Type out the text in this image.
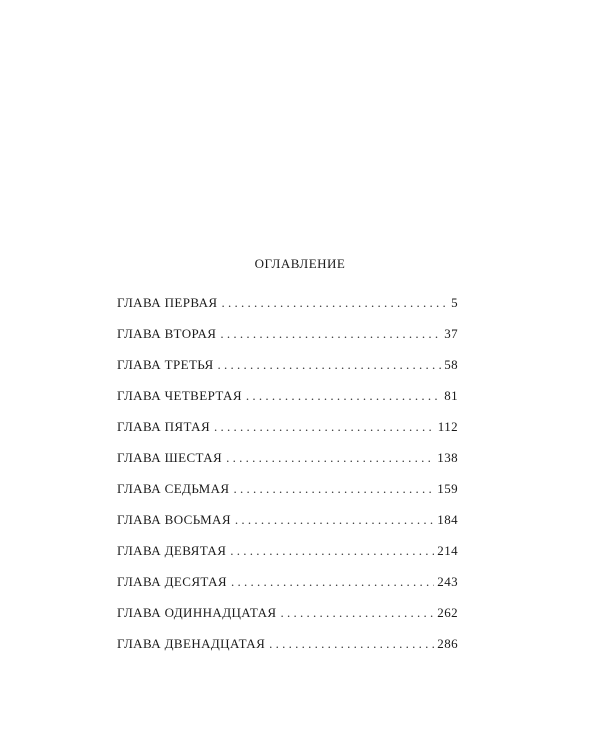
оглавление
ГЛАВА ПЕРВАЯ . . .	5
ГЛАВА ВТОРАЯ . . .	37
ГЛАВА ТРЕТЬЯ . . .	58
ГЛАВА ЧЕТВЕРТАЯ . . .	81
ГЛАВА ПЯТАЯ . . .	112
ГЛАВА ШЕСТАЯ . . .	138
ГЛАВА СЕДЬМАЯ . . .	159
ГЛАВА ВОСЬМАЯ . . .	184
ГЛАВА ДЕВЯТАЯ . . .	214
ГЛАВА ДЕСЯТАЯ . . .	243
ГЛАВА ОДИННАДЦАТАЯ . . .	262
ГЛАВА ДВЕНАДЦАТАЯ . . .	286
